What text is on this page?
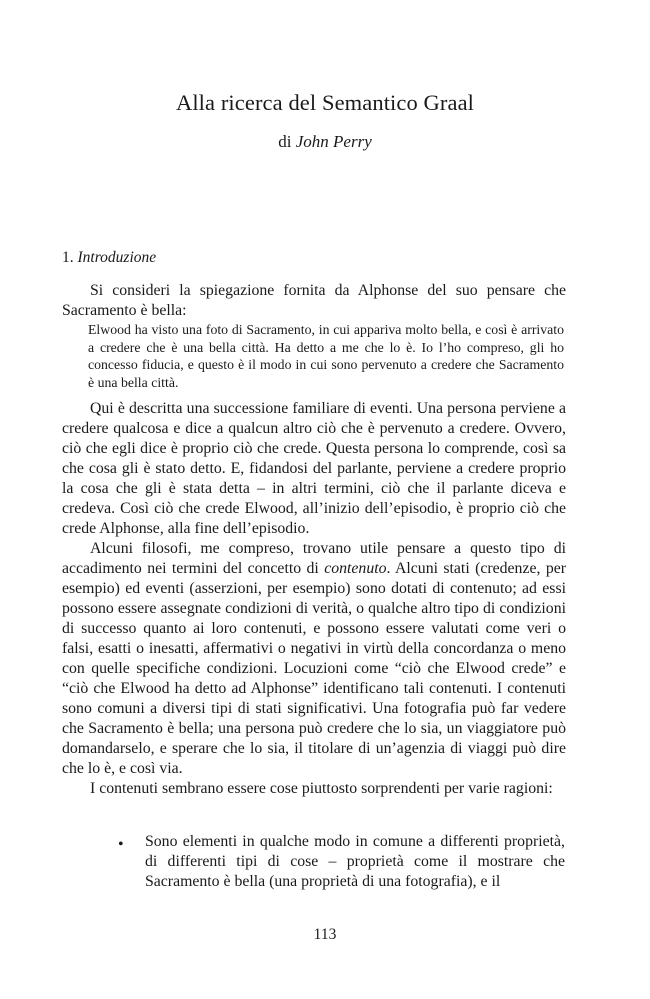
Alla ricerca del Semantico Graal
di John Perry
1. Introduzione

Si consideri la spiegazione fornita da Alphonse del suo pensare che Sacramento è bella:

Elwood ha visto una foto di Sacramento, in cui appariva molto bella, e così è arrivato a credere che è una bella città. Ha detto a me che lo è. Io l’ho compreso, gli ho concesso fiducia, e questo è il modo in cui sono pervenuto a credere che Sacramento è una bella città.

Qui è descritta una successione familiare di eventi. Una persona perviene a credere qualcosa e dice a qualcun altro ciò che è pervenuto a credere. Ovvero, ciò che egli dice è proprio ciò che crede. Questa persona lo comprende, così sa che cosa gli è stato detto. E, fidandosi del parlante, perviene a credere proprio la cosa che gli è stata detta – in altri termini, ciò che il parlante diceva e credeva. Così ciò che crede Elwood, all’inizio dell’episodio, è proprio ciò che crede Alphonse, alla fine dell’episodio.
Alcuni filosofi, me compreso, trovano utile pensare a questo tipo di accadimento nei termini del concetto di contenuto. Alcuni stati (credenze, per esempio) ed eventi (asserzioni, per esempio) sono dotati di contenuto; ad essi possono essere assegnate condizioni di verità, o qualche altro tipo di condizioni di successo quanto ai loro contenuti, e possono essere valutati come veri o falsi, esatti o inesatti, affermativi o negativi in virtù della concordanza o meno con quelle specifiche condizioni. Locuzioni come “ciò che Elwood crede” e “ciò che Elwood ha detto ad Alphonse” identificano tali contenuti. I contenuti sono comuni a diversi tipi di stati significativi. Una fotografia può far vedere che Sacramento è bella; una persona può credere che lo sia, un viaggiatore può domandarselo, e sperare che lo sia, il titolare di un’agenzia di viaggi può dire che lo è, e così via.
I contenuti sembrano essere cose piuttosto sorprendenti per varie ragioni:
• Sono elementi in qualche modo in comune a differenti proprietà, di differenti tipi di cose – proprietà come il mostrare che Sacramento è bella (una proprietà di una fotografia), e il

113
